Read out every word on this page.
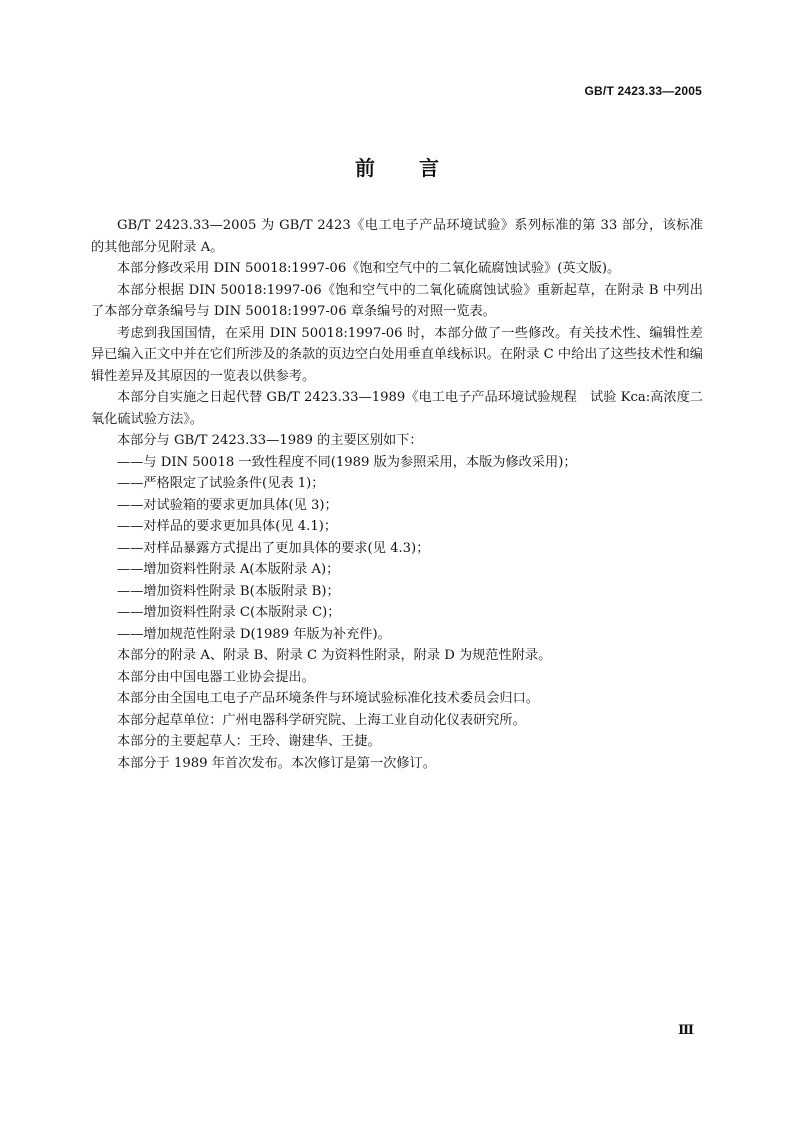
GB/T 2423.33—2005
前言

GB/T 2423.33—2005 为 GB/T 2423《电工电子产品环境试验》系列标准的第 33 部分，该标准的其他部分见附录 A。

本部分修改采用 DIN 50018:1997-06《饱和空气中的二氧化硫腐蚀试验》(英文版)。

本部分根据 DIN 50018:1997-06《饱和空气中的二氧化硫腐蚀试验》重新起草，在附录 B 中列出了本部分章条编号与 DIN 50018:1997-06 章条编号的对照一览表。

考虑到我国国情，在采用 DIN 50018:1997-06 时，本部分做了一些修改。有关技术性、编辑性差异已编入正文中并在它们所涉及的条款的页边空白处用垂直单线标识。在附录 C 中给出了这些技术性和编辑性差异及其原因的一览表以供参考。

本部分自实施之日起代替 GB/T 2423.33—1989《电工电子产品环境试验规程　试验 Kca:高浓度二氧化硫试验方法》。

本部分与 GB/T 2423.33—1989 的主要区别如下：

——与 DIN 50018 一致性程度不同(1989 版为参照采用，本版为修改采用)；

——严格限定了试验条件(见表 1)；

——对试验箱的要求更加具体(见 3)；

——对样品的要求更加具体(见 4.1)；

——对样品暴露方式提出了更加具体的要求(见 4.3)；

——增加资料性附录 A(本版附录 A)；

——增加资料性附录 B(本版附录 B)；

——增加资料性附录 C(本版附录 C)；

——增加规范性附录 D(1989 年版为补充件)。

本部分的附录 A、附录 B、附录 C 为资料性附录，附录 D 为规范性附录。

本部分由中国电器工业协会提出。

本部分由全国电工电子产品环境条件与环境试验标准化技术委员会归口。

本部分起草单位：广州电器科学研究院、上海工业自动化仪表研究所。

本部分的主要起草人：王玲、谢建华、王捷。

本部分于 1989 年首次发布。本次修订是第一次修订。

Ⅲ
